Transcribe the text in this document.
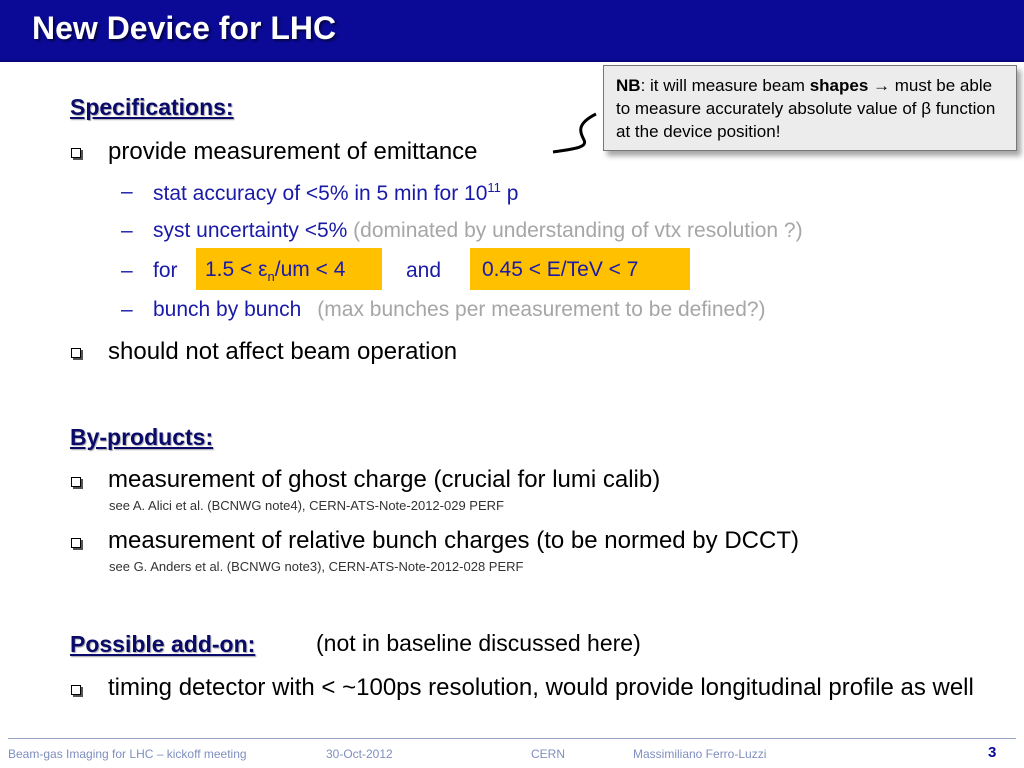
New Device for LHC
NB: it will measure beam shapes → must be able to measure accurately absolute value of β function at the device position!
Specifications:
provide measurement of emittance
– stat accuracy of <5% in 5 min for $10^{11}$ p
– syst uncertainty <5% (dominated by understanding of vtx resolution ?)
– for	$1.5 < \varepsilon_n/um < 4$	and	0.45 < E/TeV < 7
– bunch by bunch (max bunches per measurement to be defined?)
should not affect beam operation
By-products:
measurement of ghost charge (crucial for lumi calib)
see A. Alici et al. (BCNWG note4), CERN-ATS-Note-2012-029 PERF
measurement of relative bunch charges (to be normed by DCCT)
see G. Anders et al. (BCNWG note3), CERN-ATS-Note-2012-028 PERF
Possible add-on:	(not in baseline discussed here)
timing detector with < ~100ps resolution, would provide longitudinal profile as well
Beam-gas Imaging for LHC – kickoff meeting	30-Oct-2012	CERN	Massimiliano Ferro-Luzzi	3
